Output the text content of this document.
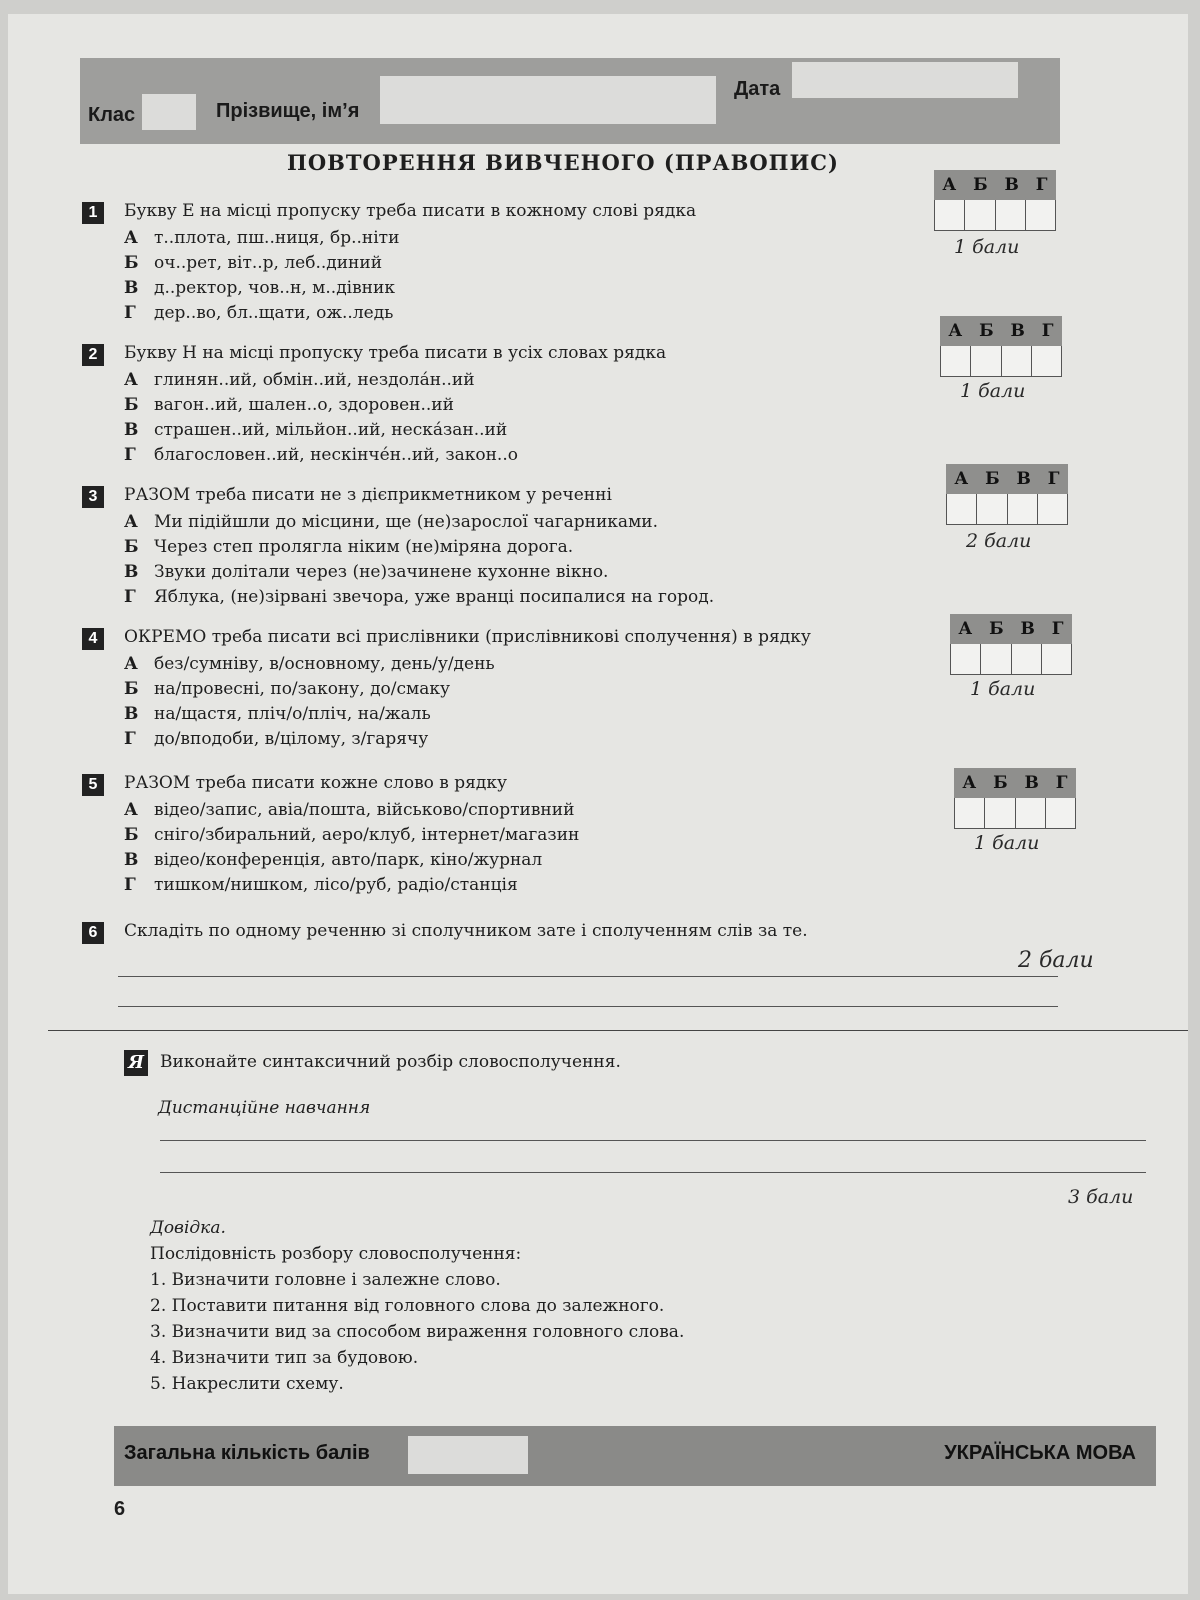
Клас	Прізвище, ім’я
Дата
ПОВТОРЕННЯ ВИВЧЕНОГО (ПРАВОПИС)
1	Букву Е на місці пропуску треба писати в кожному слові рядка
А т..плота, пш..ниця, бр..ніти
Б оч..рет, віт..р, леб..диний
В д..ректор, чов..н, м..дівник
Г дер..во, бл..щати, ож..ледь
А Б В Г
1 бали
2	Букву Н на місці пропуску треба писати в усіх словах рядка
А глинян..ий, обмін..ий, нездола́н..ий
Б вагон..ий, шален..о, здоровен..ий
В страшен..ий, мільйон..ий, неска́зан..ий
Г благословен..ий, нескінче́н..ий, закон..о
А Б В Г
1 бали
3	РАЗОМ треба писати не з дієприкметником у реченні
А Ми підійшли до місцини, ще (не)зарослої чагарниками.
Б Через степ пролягла ніким (не)міряна дорога.
В Звуки долітали через (не)зачинене кухонне вікно.
Г Яблука, (не)зірвані звечора, уже вранці посипалися на город.
А Б В Г
2 бали
4	ОКРЕМО треба писати всі прислівники (прислівникові сполучення) в рядку
А без/сумніву, в/основному, день/у/день
Б на/провесні, по/закону, до/смаку
В на/щастя, пліч/о/пліч, на/жаль
Г до/вподоби, в/цілому, з/гарячу
А Б В Г
1 бали
5	РАЗОМ треба писати кожне слово в рядку
А відео/запис, авіа/пошта, військово/спортивний
Б сніго/збиральний, аеро/клуб, інтернет/магазин
В відео/конференція, авто/парк, кіно/журнал
Г тишком/нишком, лісо/руб, радіо/станція
А Б В Г
1 бали
6	Складіть по одному реченню зі сполучником зате і сполученням слів за те.
2 бали
Я Виконайте синтаксичний розбір словосполучення.
Дистанційне навчання
3 бали
Довідка.
Послідовність розбору словосполучення:
1. Визначити головне і залежне слово.
2. Поставити питання від головного слова до залежного.
3. Визначити вид за способом вираження головного слова.
4. Визначити тип за будовою.
5. Накреслити схему.
Загальна кількість балів	УКРАЇНСЬКА МОВА
6
